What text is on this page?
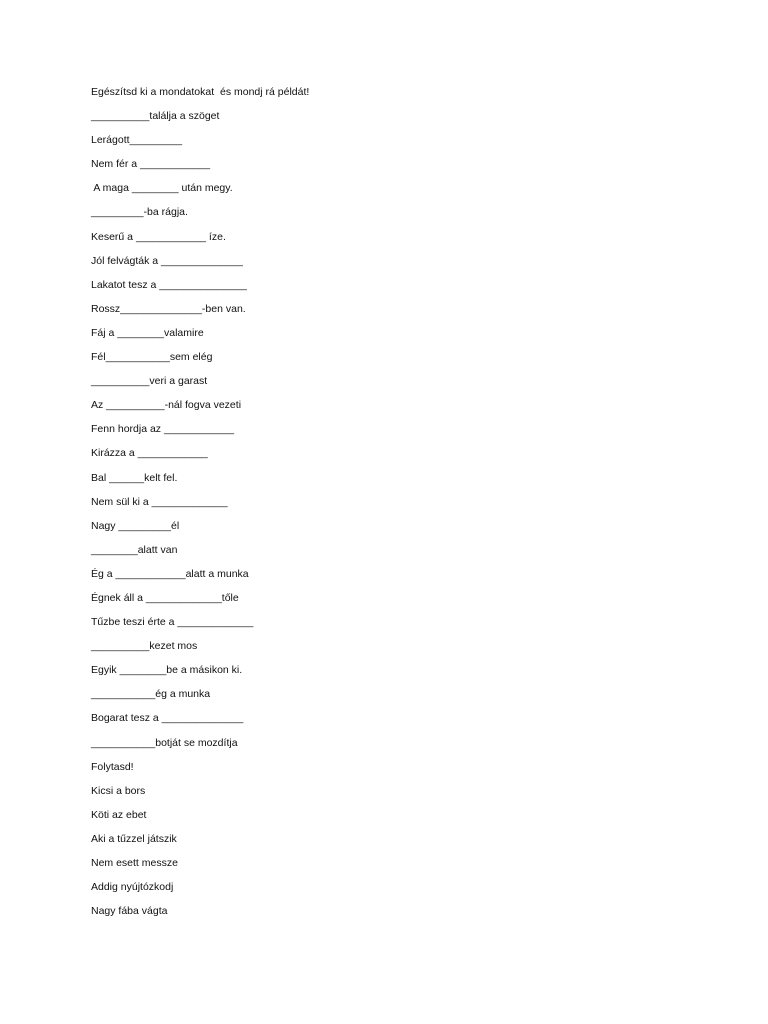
Egészítsd ki a mondatokat  és mondj rá példát!
__________találja a szöget
Lerágott_________
Nem fér a ____________
A maga ________ után megy.
_________-ba rágja.
Keserű a ____________ íze.
Jól felvágták a ______________
Lakatot tesz a _______________
Rossz______________-ben van.
Fáj a ________valamire
Fél___________sem elég
__________veri a garast
Az __________-nál fogva vezeti
Fenn hordja az ____________
Kirázza a ____________
Bal ______kelt fel.
Nem sül ki a _____________
Nagy _________él
________alatt van
Ég a ____________alatt a munka
Égnek áll a _____________tőle
Tűzbe teszi érte a _____________
__________kezet mos
Egyik ________be a másikon ki.
___________ég a munka
Bogarat tesz a ______________
___________botját se mozdítja
Folytasd!
Kicsi a bors
Köti az ebet
Aki a tűzzel játszik
Nem esett messze
Addig nyújtózkodj
Nagy fába vágta
